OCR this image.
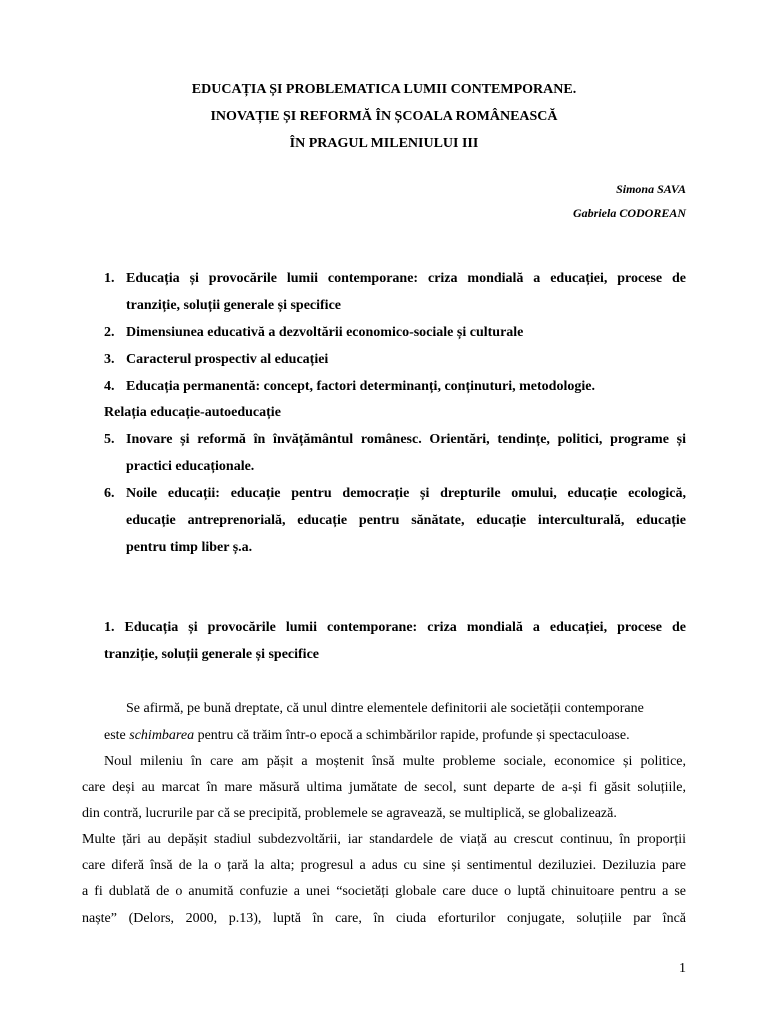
EDUCAȚIA ȘI PROBLEMATICA LUMII CONTEMPORANE.
INOVAȚIE ȘI REFORMĂ ÎN ȘCOALA ROMÂNEASCĂ
ÎN PRAGUL MILENIULUI III
Simona SAVA
Gabriela CODOREAN
1. Educația și provocările lumii contemporane: criza mondială a educației, procese de
tranziție, soluții generale și specifice
2. Dimensiunea educativă a dezvoltării economico-sociale și culturale
3. Caracterul prospectiv al educației
4. Educația permanentă: concept, factori determinanți, conținuturi, metodologie.
Relația educație-autoeducație
5. Inovare și reformă în învățământul românesc. Orientări, tendințe, politici, programe și
practici educaționale.
6. Noile educații: educație pentru democrație și drepturile omului, educație ecologică,
educație antreprenorială, educație pentru sănătate, educație interculturală, educație
pentru timp liber ș.a.
1. Educația și provocările lumii contemporane: criza mondială a educației, procese de
tranziție, soluții generale și specifice
Se afirmă, pe bună dreptate, că unul dintre elementele definitorii ale societății contemporane
este schimbarea pentru că trăim într-o epocă a schimbărilor rapide, profunde și spectaculoase.
Noul mileniu în care am pășit a moștenit însă multe probleme sociale, economice și politice,
care deși au marcat în mare măsură ultima jumătate de secol, sunt departe de a-și fi găsit soluțiile,
din contră, lucrurile par că se precipită, problemele se agravează, se multiplică, se globalizează.
Multe țări au depășit stadiul subdezvoltării, iar standardele de viață au crescut continuu, în proporții
care diferă însă de la o țară la alta; progresul a adus cu sine și sentimentul deziluziei. Deziluzia pare
a fi dublată de o anumită confuzie a unei “societăți globale care duce o luptă chinuitoare pentru a se
naște” (Delors, 2000, p.13), luptă în care, în ciuda eforturilor conjugate, soluțiile par încă
1
